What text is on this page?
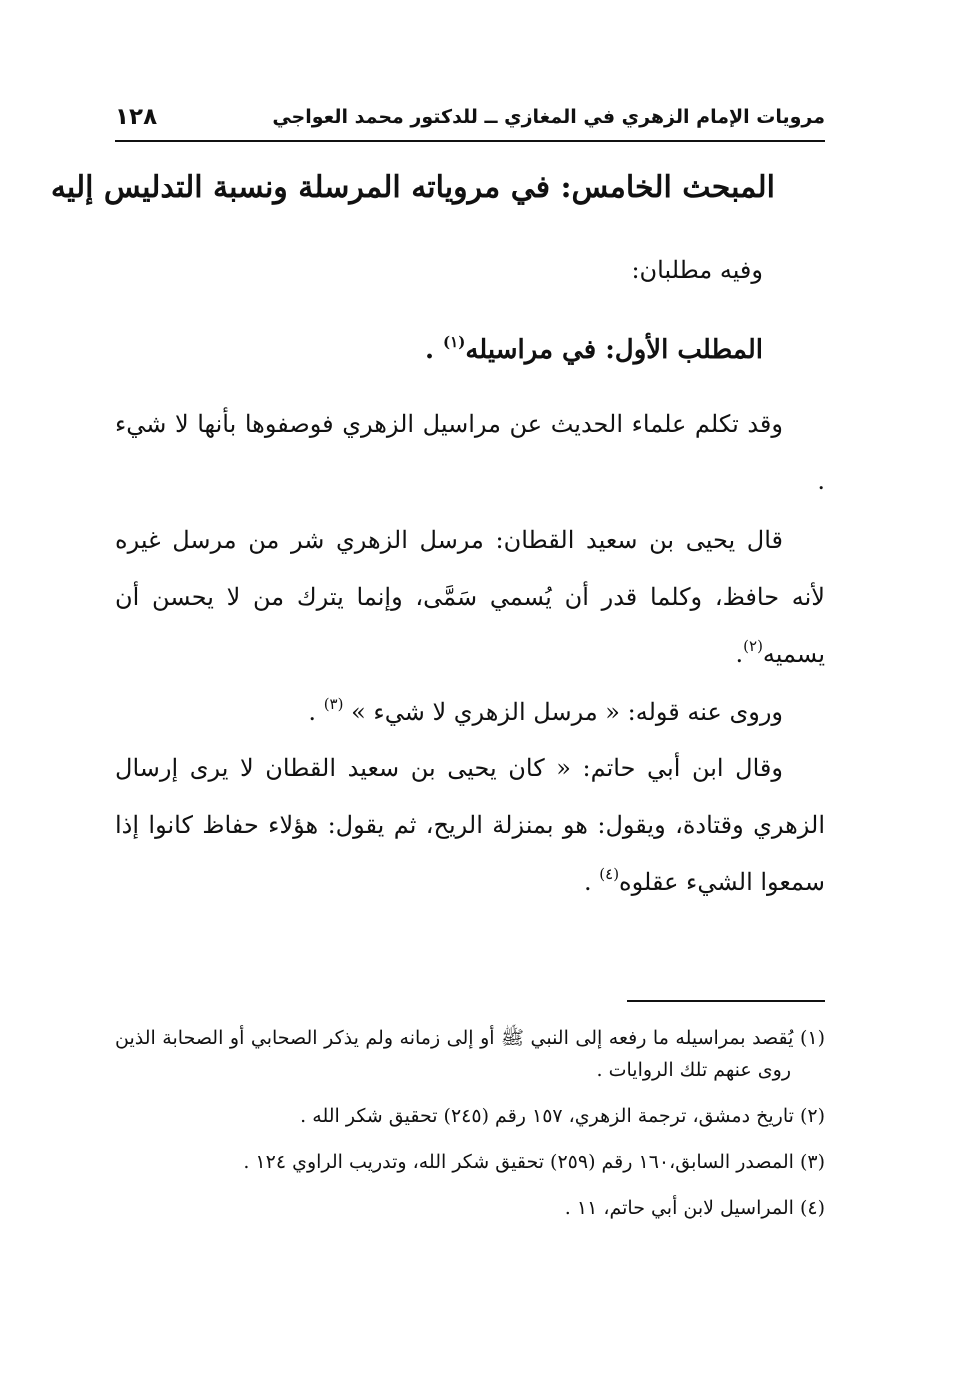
مرويات الإمام الزهري في المغازي ــ للدكتور محمد العواجي
١٢٨
المبحث الخامس: في مروياته المرسلة ونسبة التدليس إليه
وفيه مطلبان:
المطلب الأول: في مراسيله$^{(١)}$ .

وقد تكلم علماء الحديث عن مراسيل الزهري فوصفوها بأنها لا شيء .

قال يحيى بن سعيد القطان: مرسل الزهري شر من مرسل غيره لأنه حافظ، وكلما قدر أن يُسمي سَمَّى، وإنما يترك من لا يحسن أن يسميه$^{(٢)}$.

وروى عنه قوله: « مرسل الزهري لا شيء » $^{(٣)}$ .

وقال ابن أبي حاتم: « كان يحيى بن سعيد القطان لا يرى إرسال الزهري وقتادة، ويقول: هو بمنزلة الريح، ثم يقول: هؤلاء حفاظ كانوا إذا سمعوا الشيء عقلوه$^{(٤)}$ .

(١) يُقصد بمراسيله ما رفعه إلى النبي ﷺ أو إلى زمانه ولم يذكر الصحابي أو الصحابة الذين روى عنهم تلك الروايات .

(٢) تاريخ دمشق، ترجمة الزهري، ١٥٧ رقم (٢٤٥) تحقيق شكر الله .

(٣) المصدر السابق،١٦٠ رقم (٢٥٩) تحقيق شكر الله، وتدريب الراوي ١٢٤ .

(٤) المراسيل لابن أبي حاتم، ١١ .
